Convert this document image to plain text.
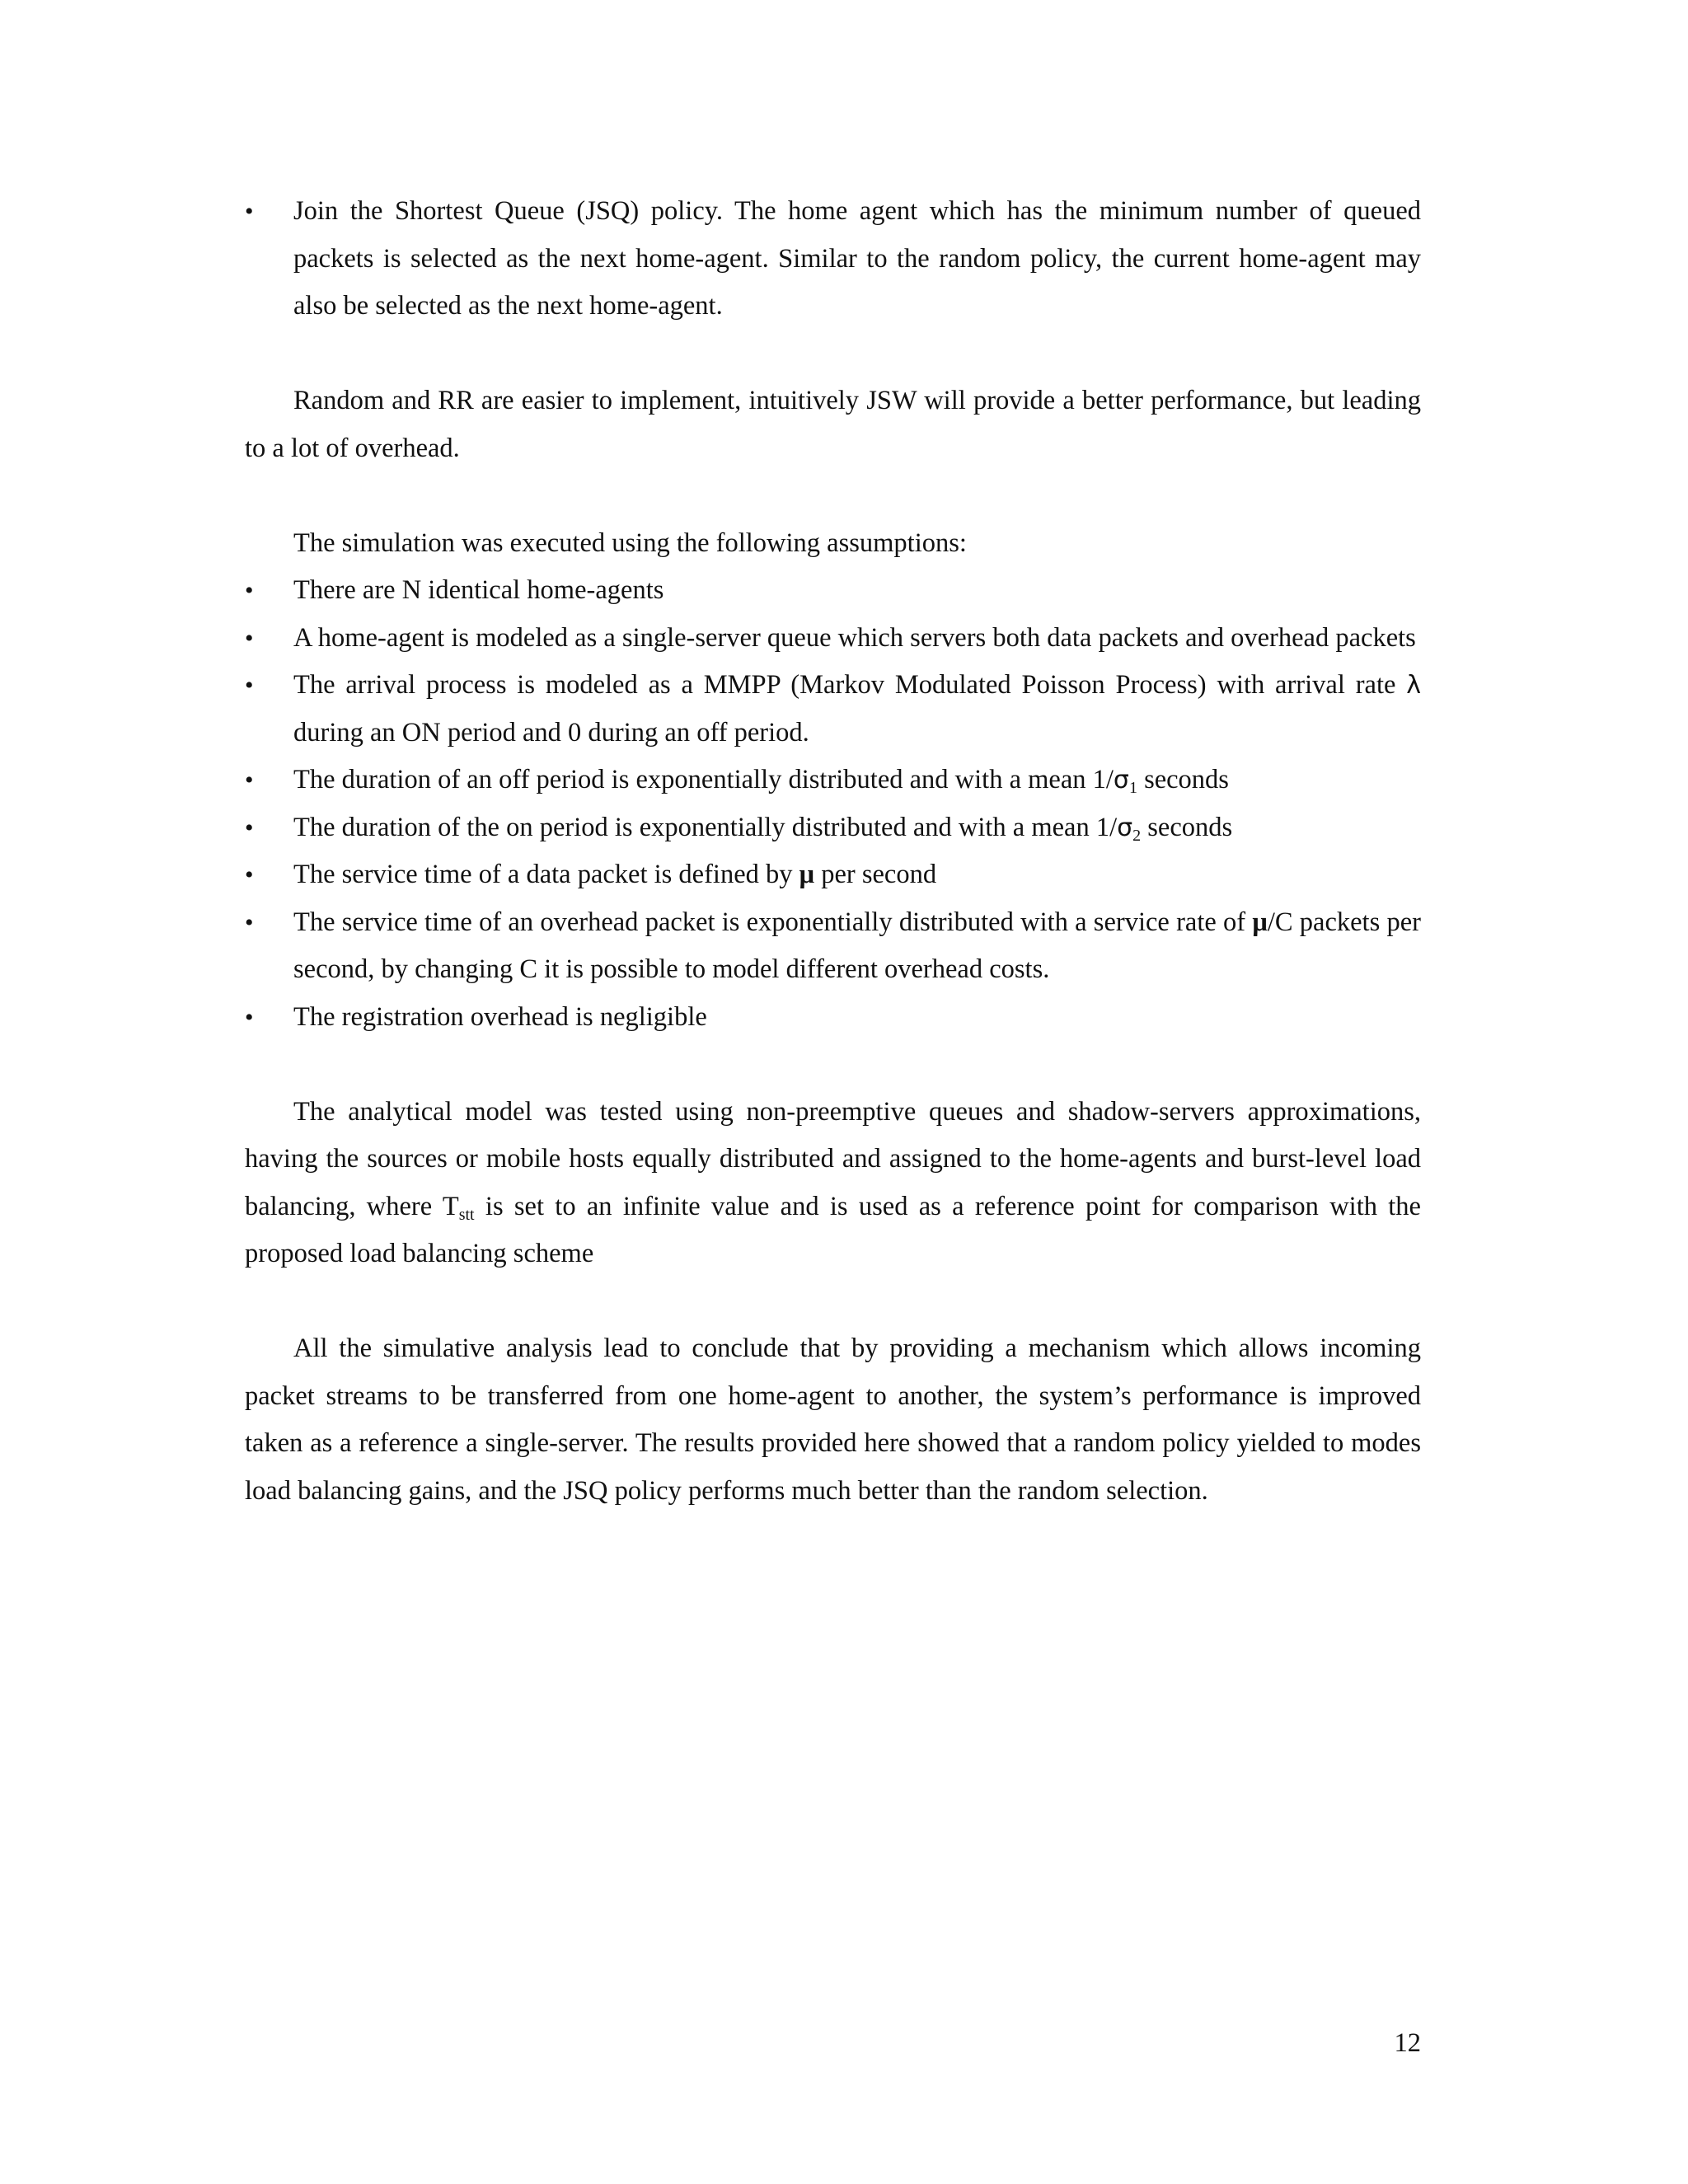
•	Join the Shortest Queue (JSQ) policy. The home agent which has the minimum number of queued packets is selected as the next home-agent. Similar to the random policy, the current home-agent may also be selected as the next home-agent.
Random and RR are easier to implement, intuitively JSW will provide a better performance, but leading to a lot of overhead.
The simulation was executed using the following assumptions:
•	There are N identical home-agents
•	A home-agent is modeled as a single-server queue which servers both data packets and overhead packets
•	The arrival process is modeled as a MMPP (Markov Modulated Poisson Process) with arrival rate λ during an ON period and 0 during an off period.
•	The duration of an off period is exponentially distributed and with a mean $1/\sigma_1$ seconds
•	The duration of the on period is exponentially distributed and with a mean $1/\sigma_2$ seconds
•	The service time of a data packet is defined by μ per second
•	The service time of an overhead packet is exponentially distributed with a service rate of μ/C packets per second, by changing C it is possible to model different overhead costs.
•	The registration overhead is negligible
The analytical model was tested using non-preemptive queues and shadow-servers approximations, having the sources or mobile hosts equally distributed and assigned to the home-agents and burst-level load balancing, where $T_{stt}$ is set to an infinite value and is used as a reference point for comparison with the proposed load balancing scheme
All the simulative analysis lead to conclude that by providing a mechanism which allows incoming packet streams to be transferred from one home-agent to another, the system’s performance is improved taken as a reference a single-server. The results provided here showed that a random policy yielded to modes load balancing gains, and the JSQ policy performs much better than the random selection.
12
